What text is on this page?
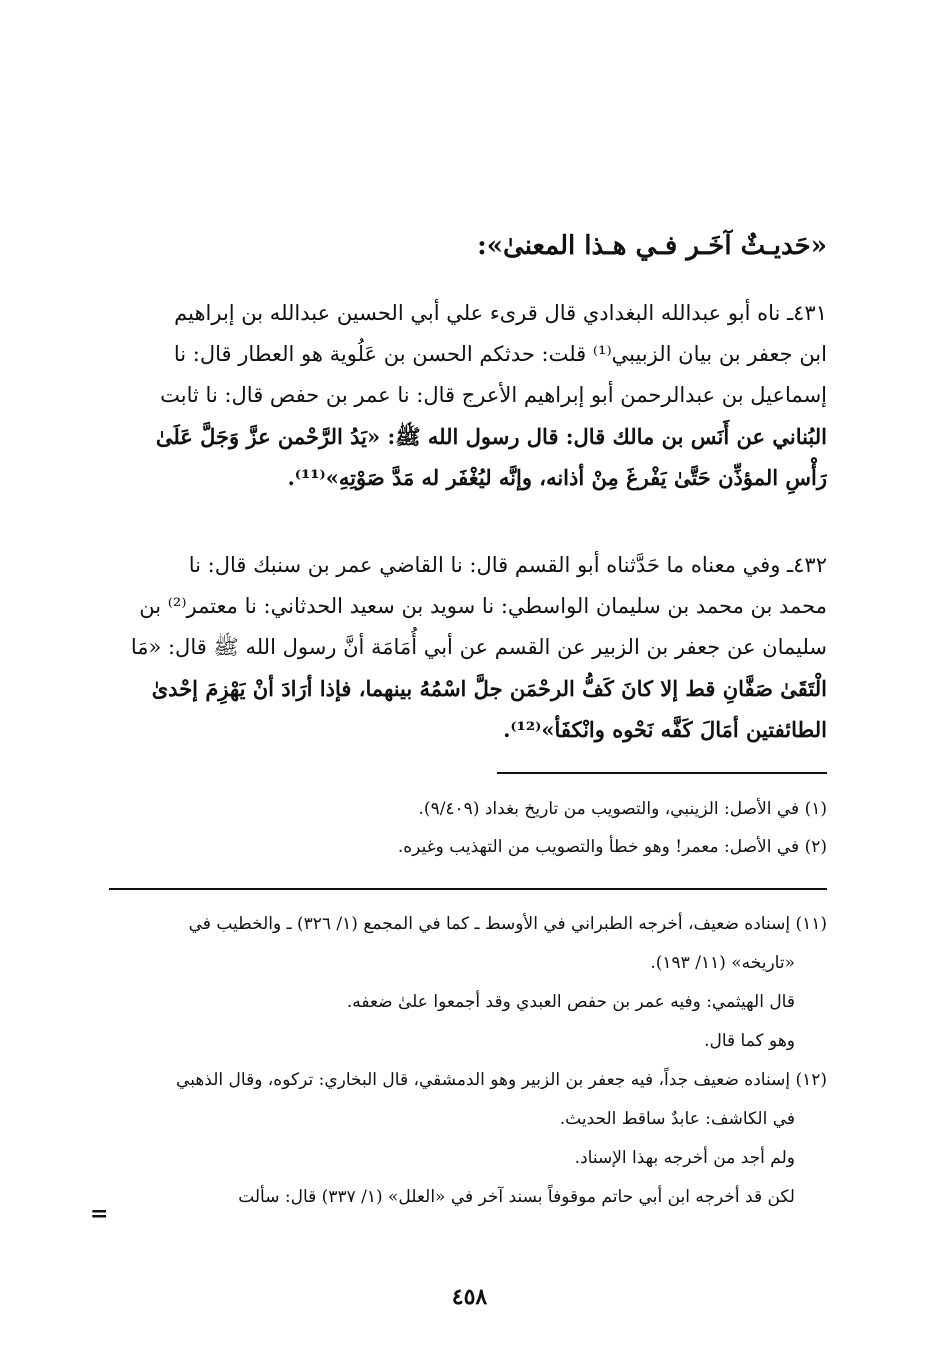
«حَديـثٌ آخَـر فـي هـذا المعنىٰ»:
٤٣١ـ ناه أبو عبدالله البغدادي قال قرىء علي أبي الحسين عبدالله بن إبراهيم
ابن جعفر بن بيان الزبيبي⁽¹⁾ قلت: حدثكم الحسن بن عَلُوية هو العطار قال: نا
إسماعيل بن عبدالرحمن أبو إبراهيم الأعرج قال: نا عمر بن حفص قال: نا ثابت
البُناني عن أَنَس بن مالك قال: قال رسول الله ﷺ: «يَدُ الرَّحْمن عزَّ وَجَلَّ عَلَىٰ
رَأْسِ المؤذِّن حَتَّىٰ يَفْرغَ مِنْ أذانه، وإنَّه ليُغْفَر له مَدَّ صَوْتِهِ»⁽¹¹⁾.
٤٣٢ـ وفي معناه ما حَدَّثناه أبو القسم قال: نا القاضي عمر بن سنبك قال: نا
محمد بن محمد بن سليمان الواسطي: نا سويد بن سعيد الحدثاني: نا معتمر⁽²⁾ بن
سليمان عن جعفر بن الزبير عن القسم عن أبي أُمَامَة أنَّ رسول الله ﷺ قال: «مَا
الْتَقَىٰ صَفَّانِ قط إلا كانَ كَفُّ الرحْمَن جلَّ اسْمُهُ بينهما، فإذا أرَادَ أنْ يَهْزِمَ إحْدىٰ
الطائفتين أمَالَ كَفَّه نَحْوه وانْكفَأ»⁽¹²⁾.
(١) في الأصل: الزينبي، والتصويب من تاريخ بغداد (٩/٤٠٩).
(٢) في الأصل: معمر! وهو خطأ والتصويب من التهذيب وغيره.
(١١) إسناده ضعيف، أخرجه الطبراني في الأوسط ـ كما في المجمع (١/ ٣٢٦) ـ والخطيب في
«تاريخه» (١١/ ١٩٣).
قال الهيثمي: وفيه عمر بن حفص العبدي وقد أجمعوا علىٰ ضعفه.
وهو كما قال.
(١٢) إسناده ضعيف جداً، فيه جعفر بن الزبير وهو الدمشقي، قال البخاري: تركوه، وقال الذهبي
في الكاشف: عابدٌ ساقط الحديث.
ولم أجد من أخرجه بهذا الإسناد.
لكن قد أخرجه ابن أبي حاتم موقوفاً بسند آخر في «العلل» (١/ ٣٣٧) قال: سألت
=
٤٥٨
